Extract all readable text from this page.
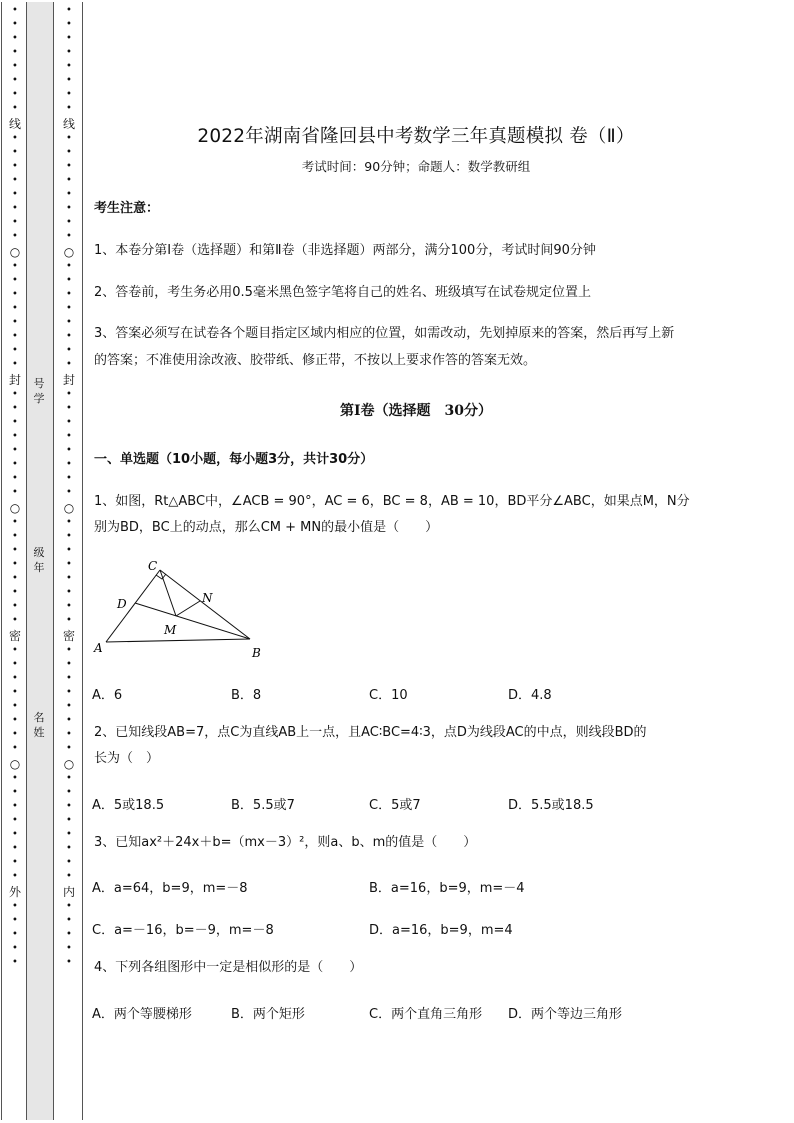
•
•
•
•
•
•
•
•
线
•
•
•
•
•
•
•
•
○
•
•
•
•
•
•
•
•
封
•
•
•
•
•
•
•
•
○
•
•
•
•
•
•
•
•
密
•
•
•
•
•
•
•
•
○
•
•
•
•
•
•
•
•
外
•
•
•
•
•
•
•
•
•
•
•
•
•
线
•
•
•
•
•
•
•
•
○
•
•
•
•
•
•
•
•
封
•
•
•
•
•
•
•
•
○
•
•
•
•
•
•
•
•
密
•
•
•
•
•
•
•
•
○
•
•
•
•
•
•
•
•
内
•
•
•
•
•
号学
级年
名姓
2022年湖南省隆回县中考数学三年真题模拟 卷（Ⅱ）
考试时间：90分钟；命题人：数学教研组
考生注意：
1、本卷分第I卷（选择题）和第Ⅱ卷（非选择题）两部分，满分100分，考试时间90分钟
2、答卷前，考生务必用0.5毫米黑色签字笔将自己的姓名、班级填写在试卷规定位置上
3、答案必须写在试卷各个题目指定区域内相应的位置，如需改动，先划掉原来的答案，然后再写上新
的答案；不准使用涂改液、胶带纸、修正带，不按以上要求作答的答案无效。
第I卷（选择题　30分）
一、单选题（10小题，每小题3分，共计30分）
1、如图，Rt△ABC中，∠ACB = 90°，AC = 6，BC = 8，AB = 10，BD平分∠ABC，如果点M，N分
别为BD，BC上的动点，那么CM + MN的最小值是（　　）
C
D	N
M
A	B
A．6	B．8	C．10	D．4.8
2、已知线段AB=7，点C为直线AB上一点，且AC∶BC=4∶3，点D为线段AC的中点，则线段BD的
长为（　）
A．5或18.5	B．5.5或7	C．5或7	D．5.5或18.5
3、已知ax²＋24x＋b=（mx－3）²，则a、b、m的值是（　　）
A．a=64，b=9，m=－8	B．a=16，b=9，m=－4
C．a=－16，b=－9，m=－8	D．a=16，b=9，m=4
4、下列各组图形中一定是相似形的是（　　）
A．两个等腰梯形	B．两个矩形	C．两个直角三角形 D．两个等边三角形
